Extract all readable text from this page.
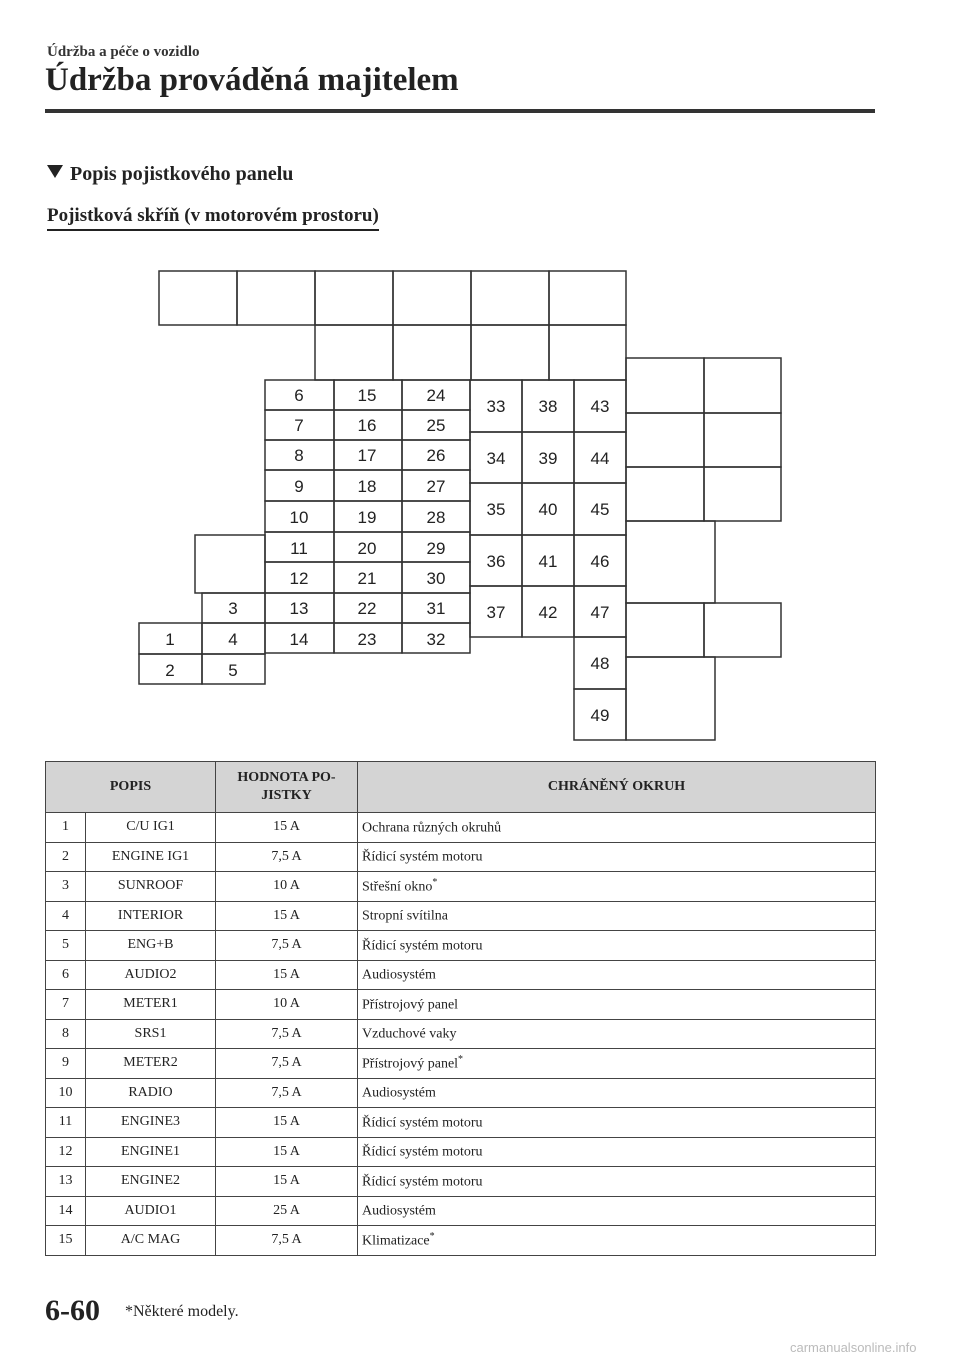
Údržba a péče o vozidlo
Údržba prováděná majitelem
Popis pojistkového panelu
Pojistková skříň (v motorovém prostoru)
1
2
3
4
5
6
7
8
9
10
11
12
13
14
15
16
17
18
19
20
21
22
23
24
25
26
27
28
29
30
31
32
33
34
35
36
37
38
39
40
41
42
43
44
45
46
47
48
49
POPIS		HODNOTA PO-
JISTKY	CHRÁNĚNÝ OKRUH
1	C/U IG1	15 A	Ochrana různých okruhů
2	ENGINE IG1	7,5 A	Řídicí systém motoru
3	SUNROOF	10 A	Střešní okno*
4	INTERIOR	15 A	Stropní svítilna
5	ENG+B	7,5 A	Řídicí systém motoru
6	AUDIO2	15 A	Audiosystém
7	METER1	10 A	Přístrojový panel
8	SRS1	7,5 A	Vzduchové vaky
9	METER2	7,5 A	Přístrojový panel*
10	RADIO	7,5 A	Audiosystém
11	ENGINE3	15 A	Řídicí systém motoru
12	ENGINE1	15 A	Řídicí systém motoru
13	ENGINE2	15 A	Řídicí systém motoru
14	AUDIO1	25 A	Audiosystém
15	A/C MAG	7,5 A	Klimatizace*
6-60 *Některé modely.
carmanualsonline.info
